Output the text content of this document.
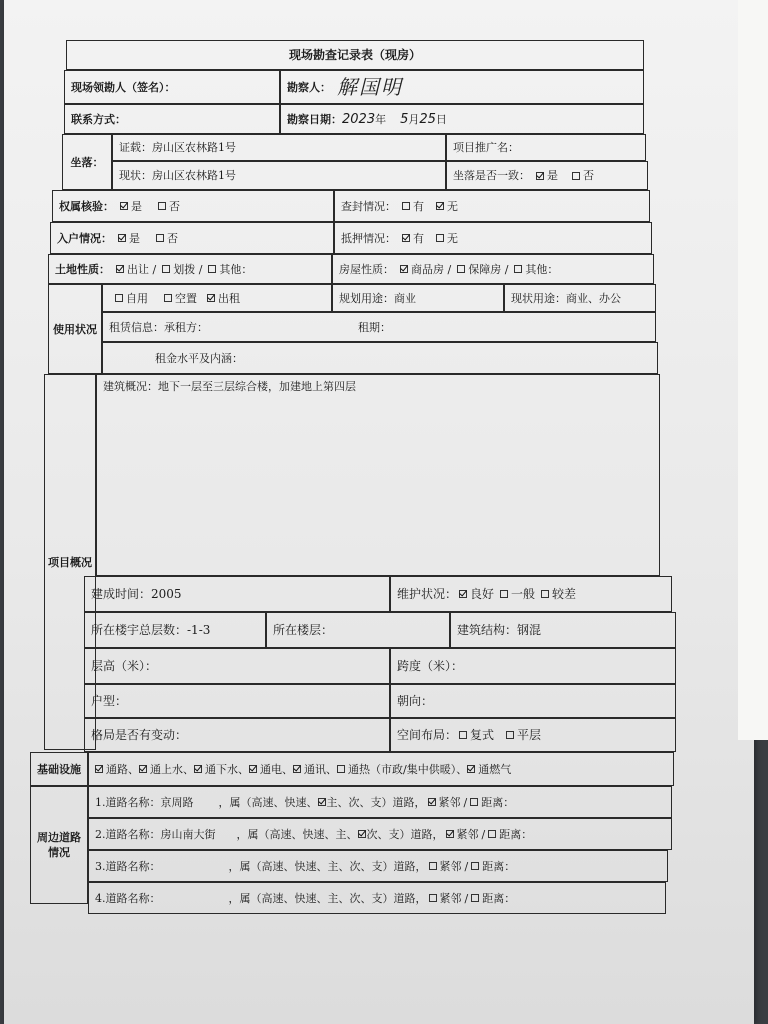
现场勘查记录表（现房）
现场领勘人（签名）：	勘察人： 解国明
联系方式：	勘察日期： 2023 年 5 月 25 日
坐落：
证载：房山区农林路1号	项目推广名：
现状：房山区农林路1号	坐落是否一致： 是 否
权属核验： 是 否	查封情况： 有 无
入户情况： 是 否	抵押情况： 有 无
土地性质： 出让 / 划拨 / 其他：	房屋性质： 商品房 / 保障房 / 其他：
使用状况
自用 空置 出租	规划用途：商业	现状用途：商业、办公
租赁信息：承租方：	租期：
租金水平及内涵：
项目概况
建筑概况：地下一层至三层综合楼，加建地上第四层
建成时间：2005	维护状况： 良好 一般 较差
所在楼宇总层数：-1-3	所在楼层：	建筑结构：钢混
层高（米）：	跨度（米）：
户型：	朝向：
格局是否有变动：	空间布局： 复式 平层
基础设施	通路、 通上水、 通下水、 通电、 通讯、 通热（市政/集中供暖）、 通燃气
周边道路情况
1.道路名称： 京周路	，属（高速、快速、 主 、 次 、 支 ）道路， 紧邻 / 距离：
2.道路名称： 房山南大街	，属（高速、快速、 主 、 次 、 支 ）道路， 紧邻 / 距离：
3.道路名称：	，属（高速、快速、 主 、 次 、 支 ）道路， 紧邻 / 距离：
4.道路名称：	，属（高速、快速、 主 、 次 、 支 ）道路， 紧邻 / 距离：
